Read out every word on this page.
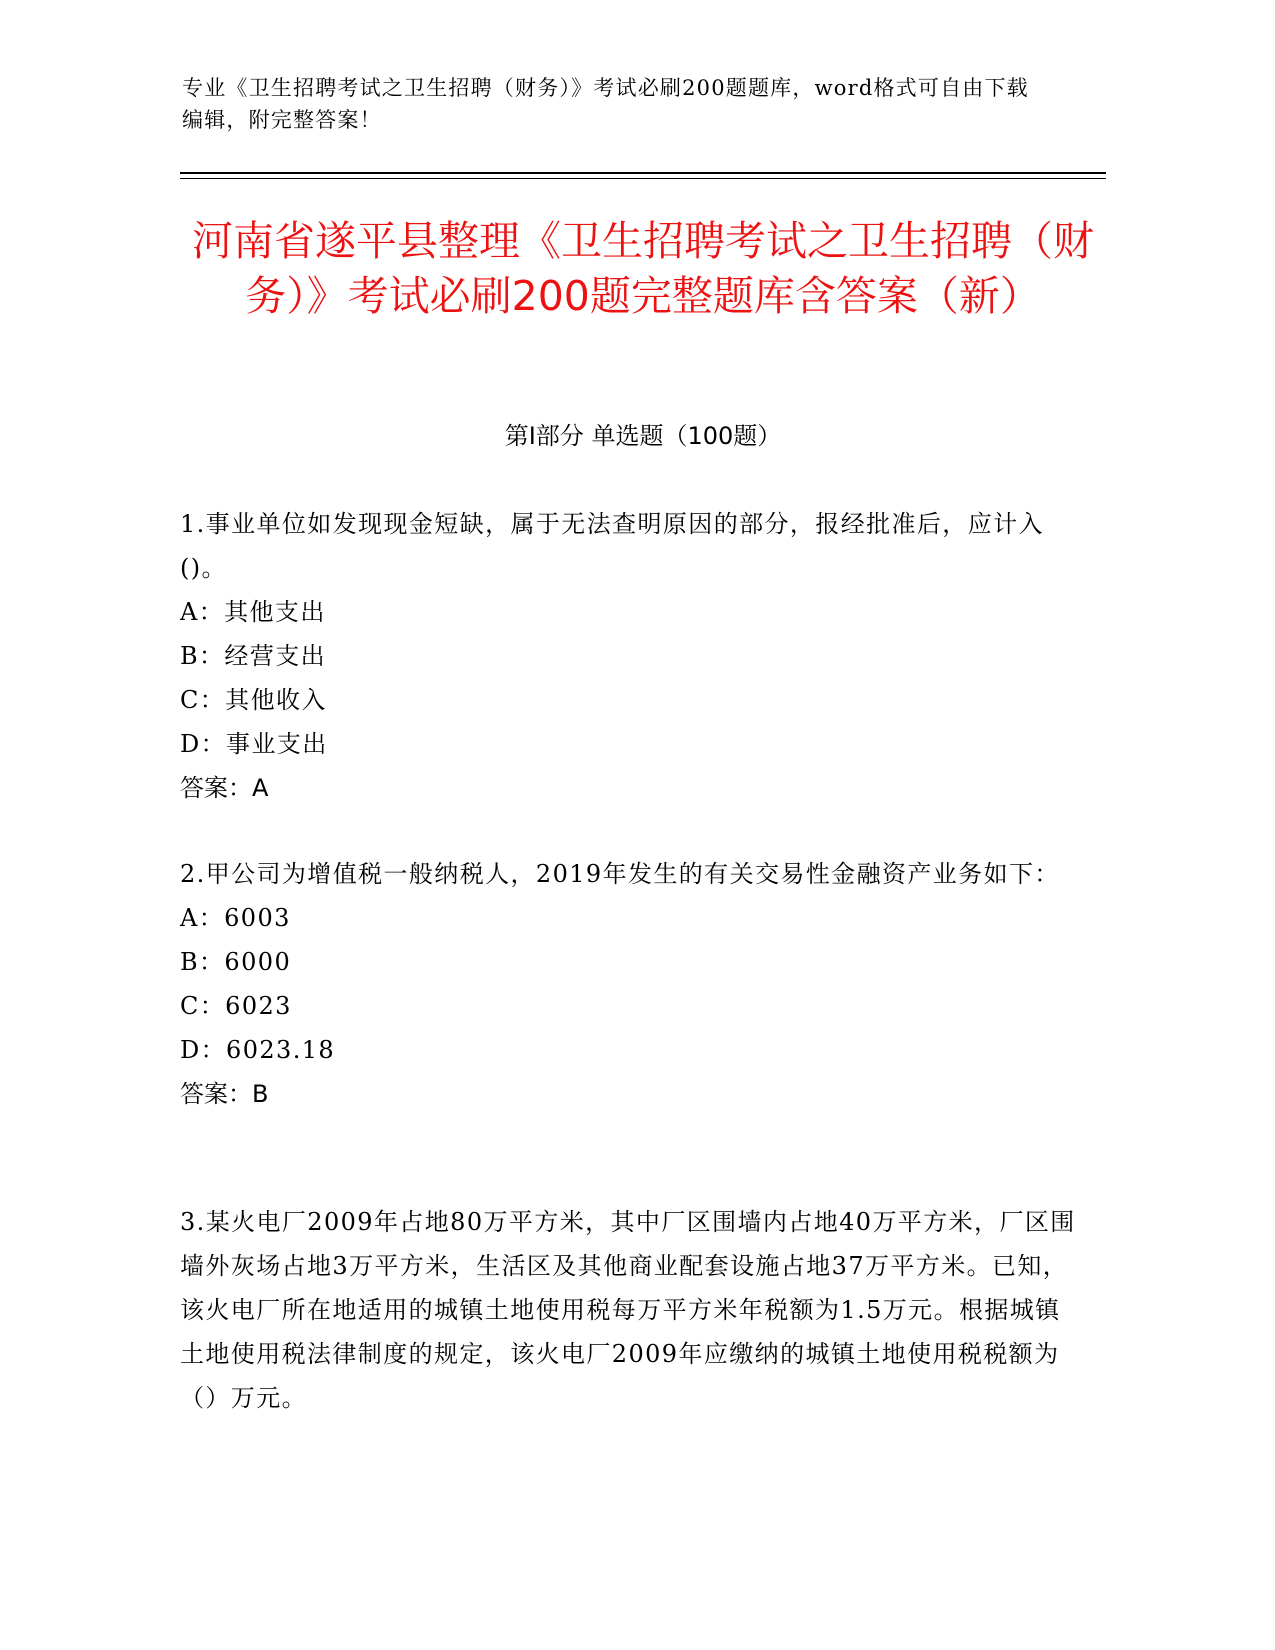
专业《卫生招聘考试之卫生招聘（财务）》考试必刷200题题库，word格式可自由下载编辑，附完整答案！
河南省遂平县整理《卫生招聘考试之卫生招聘（财务）》考试必刷200题完整题库含答案（新）
第Ⅰ部分 单选题（100题）

1.事业单位如发现现金短缺，属于无法查明原因的部分，报经批准后，应计入()。

A：其他支出

B：经营支出

C：其他收入

D：事业支出

答案：A

2.甲公司为增值税一般纳税人，2019年发生的有关交易性金融资产业务如下：

A：6003

B：6000

C：6023

D：6023.18

答案：B

3.某火电厂2009年占地80万平方米，其中厂区围墙内占地40万平方米，厂区围墙外灰场占地3万平方米，生活区及其他商业配套设施占地37万平方米。已知，该火电厂所在地适用的城镇土地使用税每万平方米年税额为1.5万元。根据城镇土地使用税法律制度的规定，该火电厂2009年应缴纳的城镇土地使用税税额为（）万元。
